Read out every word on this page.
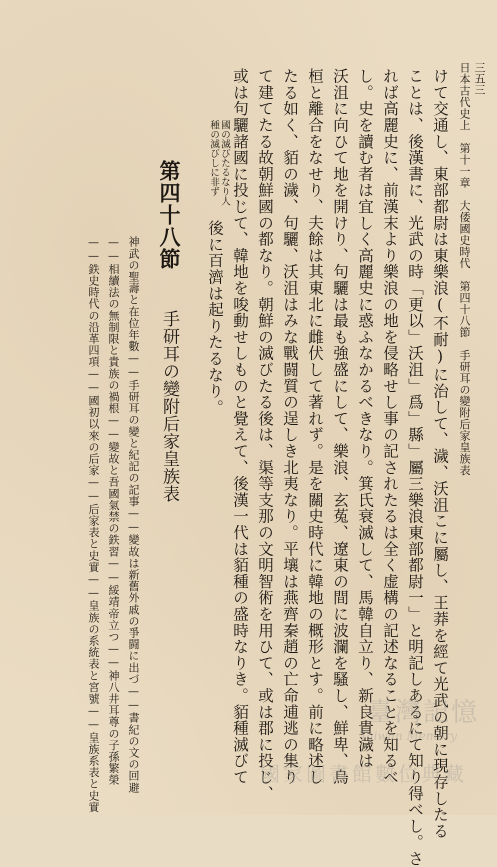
三五三
日本古代史上　第十一章　大倭國史時代　第四十八節　手研耳の變附后家皇族表
けて交通し、東部都尉は東樂浪(不耐)に治して、濊、沃沮こに屬し、王莽を經て光武の朝に現存したる
ことは、後漢書に、光武の時「更以」沃沮」爲」縣」屬三樂浪東部都尉一」と明記しあるにて知り得べし。さ
れば高麗史に、前漢末より樂浪の地を侵略せし事の記されたるは全く虚構の記述なることを知るべ
し。史を讀む者は宜しく高麗史に惑ふなかるべきなり。箕氏衰滅して、馬韓自立り、新良貴濊は
沃沮に向ひて地を開けり、句驪は最も強盛にして、樂浪、玄菟、遼東の間に波瀾を騷し、鮮卑、烏
桓と離合をなせり、夫餘は其東北に雌伏して著れず。是を關史時代に韓地の概形とす。前に略述し
たる如く、貊の濊、句驪、沃沮はみな戰闘質の逞しき北夷なり。平壤は燕齊秦趙の亡命逋逃の集り
て建てたる故朝鮮國の都なり。朝鮮の滅びたる後は、渠等支那の文明智術を用ひて、或は郡に投じ、
或は句驪諸國に投じて、韓地を唆動せしものと覺えて、後漢一代は貊種の盛時なりき。貊種滅びて
後に百濟は起りたるなり。
國の滅びたるなり人
種の滅びしに非ず
第四十八節
手研耳の變附后家皇族表
神武の聖壽と在位年數——手研耳の變と紀記の記事——變故は新舊外戚の爭闘に出づ——書紀の文の回避
——相續法の無制限と貴族の禍根——變故と吾國氣禁の鉄習——綏靖帝立つ——神八井耳尊の子孫繁榮
——鉄史時代の沿革四項——國初以來の后家——后家表と史實——皇族の系統表と宮號——皇族系表と史實	Taiwan Memory
臺灣記憶
國家圖書館數位典藏
